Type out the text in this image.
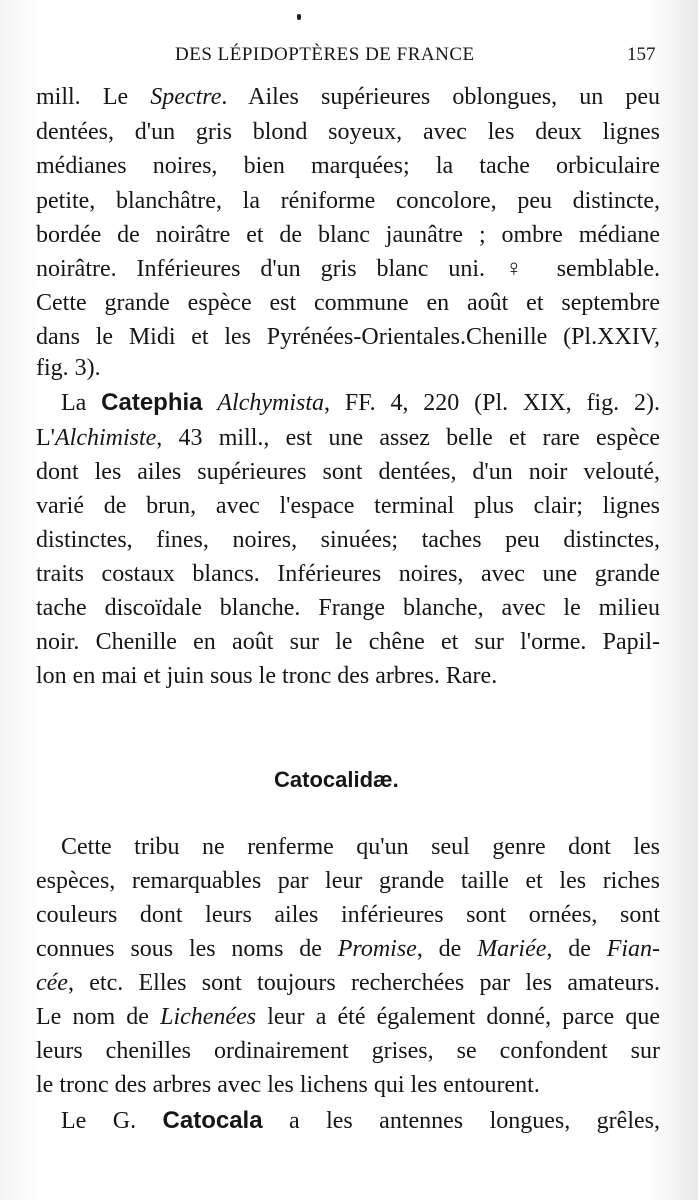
DES LÉPIDOPTÈRES DE FRANCE	157
mill. Le Spectre. Ailes supérieures oblongues, un peu
dentées, d'un gris blond soyeux, avec les deux lignes
médianes noires, bien marquées; la tache orbiculaire
petite, blanchâtre, la réniforme concolore, peu distincte,
bordée de noirâtre et de blanc jaunâtre ; ombre médiane
noirâtre. Inférieures d'un gris blanc uni. ♀ semblable.
Cette grande espèce est commune en août et septembre
dans le Midi et les Pyrénées-Orientales.Chenille (Pl.XXIV,
fig. 3).
La Catephia Alchymista, FF. 4, 220 (Pl. XIX, fig. 2).
L'Alchimiste, 43 mill., est une assez belle et rare espèce
dont les ailes supérieures sont dentées, d'un noir velouté,
varié de brun, avec l'espace terminal plus clair; lignes
distinctes, fines, noires, sinuées; taches peu distinctes,
traits costaux blancs. Inférieures noires, avec une grande
tache discoïdale blanche. Frange blanche, avec le milieu
noir. Chenille en août sur le chêne et sur l'orme. Papil-
lon en mai et juin sous le tronc des arbres. Rare.
Catocalidæ.
Cette tribu ne renferme qu'un seul genre dont les
espèces, remarquables par leur grande taille et les riches
couleurs dont leurs ailes inférieures sont ornées, sont
connues sous les noms de Promise, de Mariée, de Fian-
cée, etc. Elles sont toujours recherchées par les amateurs.
Le nom de Lichenées leur a été également donné, parce que
leurs chenilles ordinairement grises, se confondent sur
le tronc des arbres avec les lichens qui les entourent.
Le G. Catocala a les antennes longues, grêles,
